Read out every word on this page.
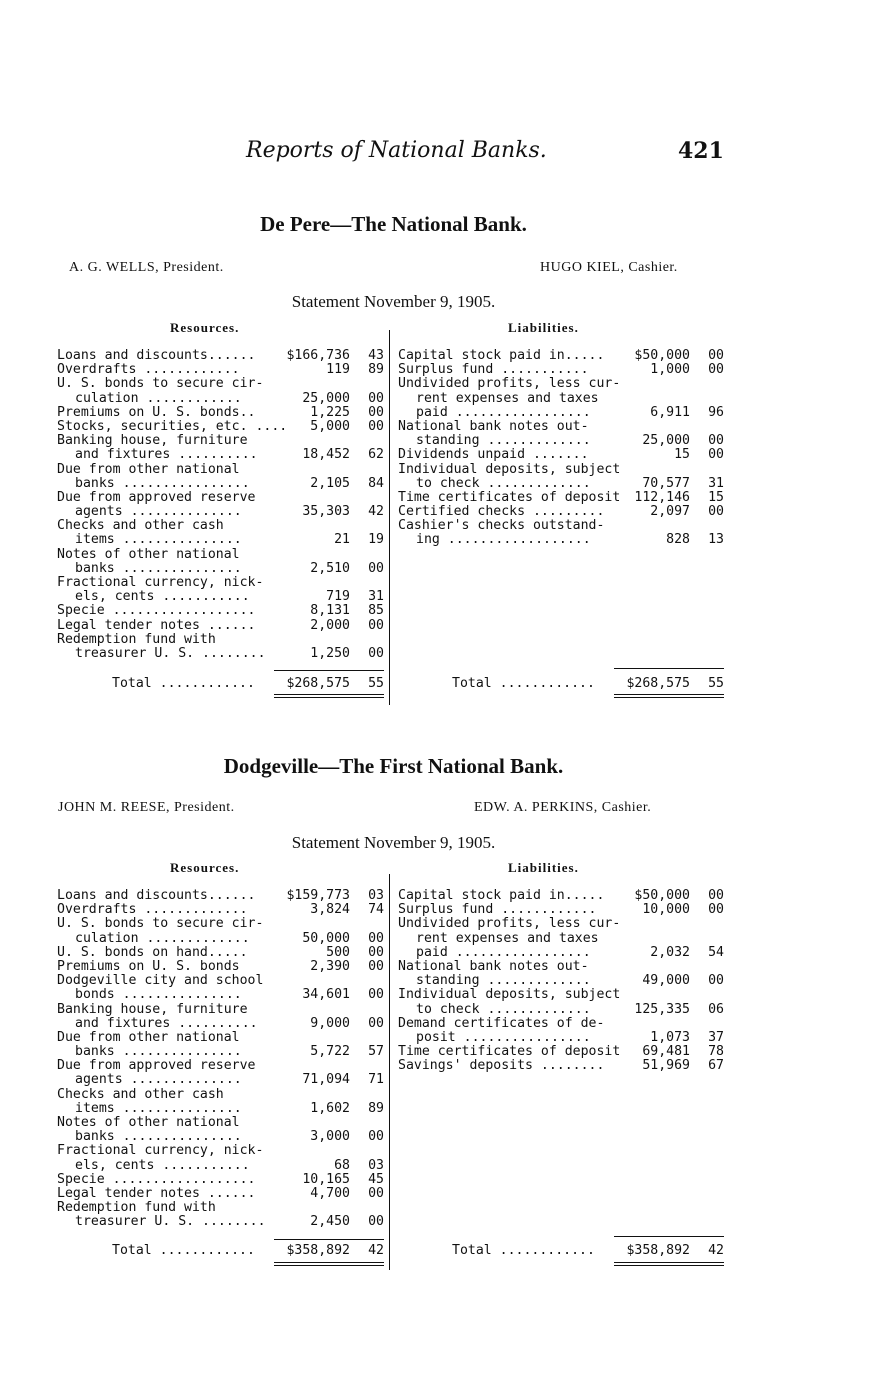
Reports of National Banks.	421
De Pere—The National Bank.
A. G. WELLS, President.	HUGO KIEL, Cashier.
Statement November 9, 1905.
Resources.	Liabilities.
Loans and discounts......	$166,736	43
Overdrafts ............	119	89
U. S. bonds to secure cir-
culation ............	25,000	00
Premiums on U. S. bonds..	1,225	00
Stocks, securities, etc. ....	5,000	00
Banking house, furniture
and fixtures ..........	18,452	62
Due from other national
banks ................	2,105	84
Due from approved reserve
agents ..............	35,303	42
Checks and other cash
items ...............	21	19
Notes of other national
banks ...............	2,510	00
Fractional currency, nick-
els, cents ...........	719	31
Specie ..................	8,131	85
Legal tender notes ......	2,000	00
Redemption fund with
treasurer U. S. ........	1,250	00
Capital stock paid in.....	$50,000	00
Surplus fund ...........	1,000	00
Undivided profits, less cur-
rent expenses and taxes
paid .................	6,911	96
National bank notes out-
standing .............	25,000	00
Dividends unpaid .......	15	00
Individual deposits, subject
to check .............	70,577	31
Time certificates of deposit	112,146	15
Certified checks .........	2,097	00
Cashier's checks outstand-
ing ..................	828	13
Total ............ $268,575 55	Total ............ $268,575 55
Dodgeville—The First National Bank.
JOHN M. REESE, President.	EDW. A. PERKINS, Cashier.
Statement November 9, 1905.
Resources.	Liabilities.
Loans and discounts......	$159,773	03
Overdrafts .............	3,824	74
U. S. bonds to secure cir-
culation .............	50,000	00
U. S. bonds on hand.....	500	00
Premiums on U. S. bonds	2,390	00
Dodgeville city and school
bonds ...............	34,601	00
Banking house, furniture
and fixtures ..........	9,000	00
Due from other national
banks ...............	5,722	57
Due from approved reserve
agents ..............	71,094	71
Checks and other cash
items ...............	1,602	89
Notes of other national
banks ...............	3,000	00
Fractional currency, nick-
els, cents ...........	68	03
Specie ..................	10,165	45
Legal tender notes ......	4,700	00
Redemption fund with
treasurer U. S. ........	2,450	00
Capital stock paid in.....	$50,000	00
Surplus fund ............	10,000	00
Undivided profits, less cur-
rent expenses and taxes
paid .................	2,032	54
National bank notes out-
standing .............	49,000	00
Individual deposits, subject
to check .............	125,335	06
Demand certificates of de-
posit ................	1,073	37
Time certificates of deposit	69,481	78
Savings' deposits ........	51,969	67
Total ............ $358,892 42	Total ............ $358,892 42
